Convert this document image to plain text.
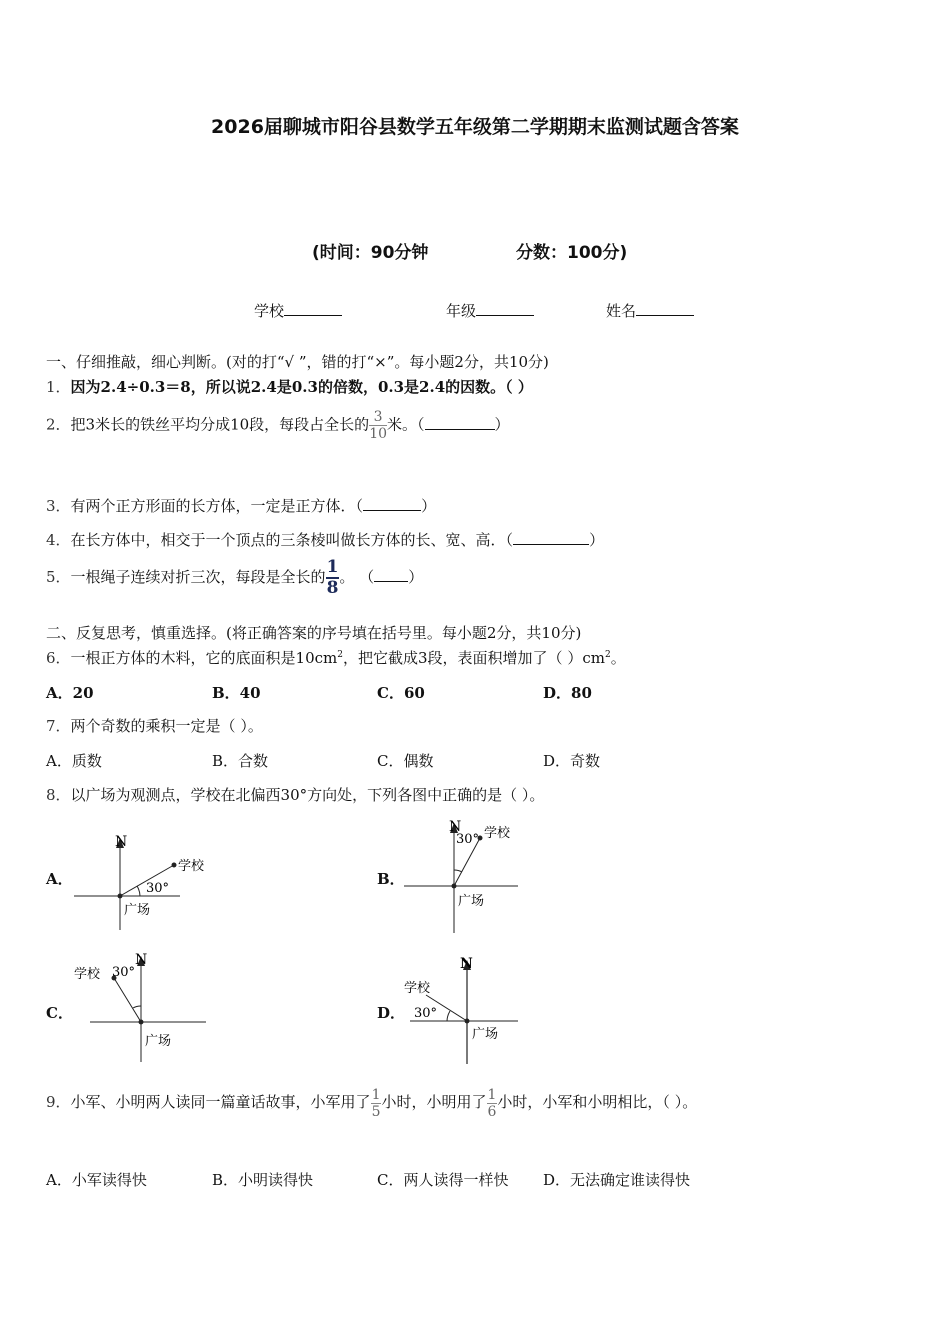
2026届聊城市阳谷县数学五年级第二学期期末监测试题含答案
(时间：90分钟	分数：100分)
学校	年级	姓名
一、仔细推敲，细心判断。(对的打“√ ”，错的打“×”。每小题2分，共10分)
1．因为2.4÷0.3＝8，所以说2.4是0.3的倍数，0.3是2.4的因数。（ ）
2．把3米长的铁丝平均分成10段，每段占全长的 $\frac{3}{10}$ 米。（	）
3．有两个正方形面的长方体，一定是正方体．（	）
4．在长方体中，相交于一个顶点的三条棱叫做长方体的长、宽、高．（	）
5．一根绳子连续对折三次，每段是全长的 $\frac{1}{8}$ 。 （ ）
二、反复思考，慎重选择。(将正确答案的序号填在括号里。每小题2分，共10分)
6．一根正方体的木料，它的底面积是$10cm^2$，把它截成3段，表面积增加了（ ）$cm^2$。
A．20	B．40	C．60	D．80
7．两个奇数的乘积一定是（ ）。
A．质数	B．合数	C．偶数	D．奇数
8．以广场为观测点，学校在北偏西30°方向处，下列各图中正确的是（ ）。
A．
N
学校
30°
广场
B．
N 学校
30°
广场
C．
N
学校 30°
广场
D．
N
学校
30°
广场
9．小军、小明两人读同一篇童话故事，小军用了 $\frac{1}{5}$ 小时，小明用了 $\frac{1}{6}$ 小时，小军和小明相比，（ ）。
A．小军读得快	B．小明读得快	C．两人读得一样快 D．无法确定谁读得快
